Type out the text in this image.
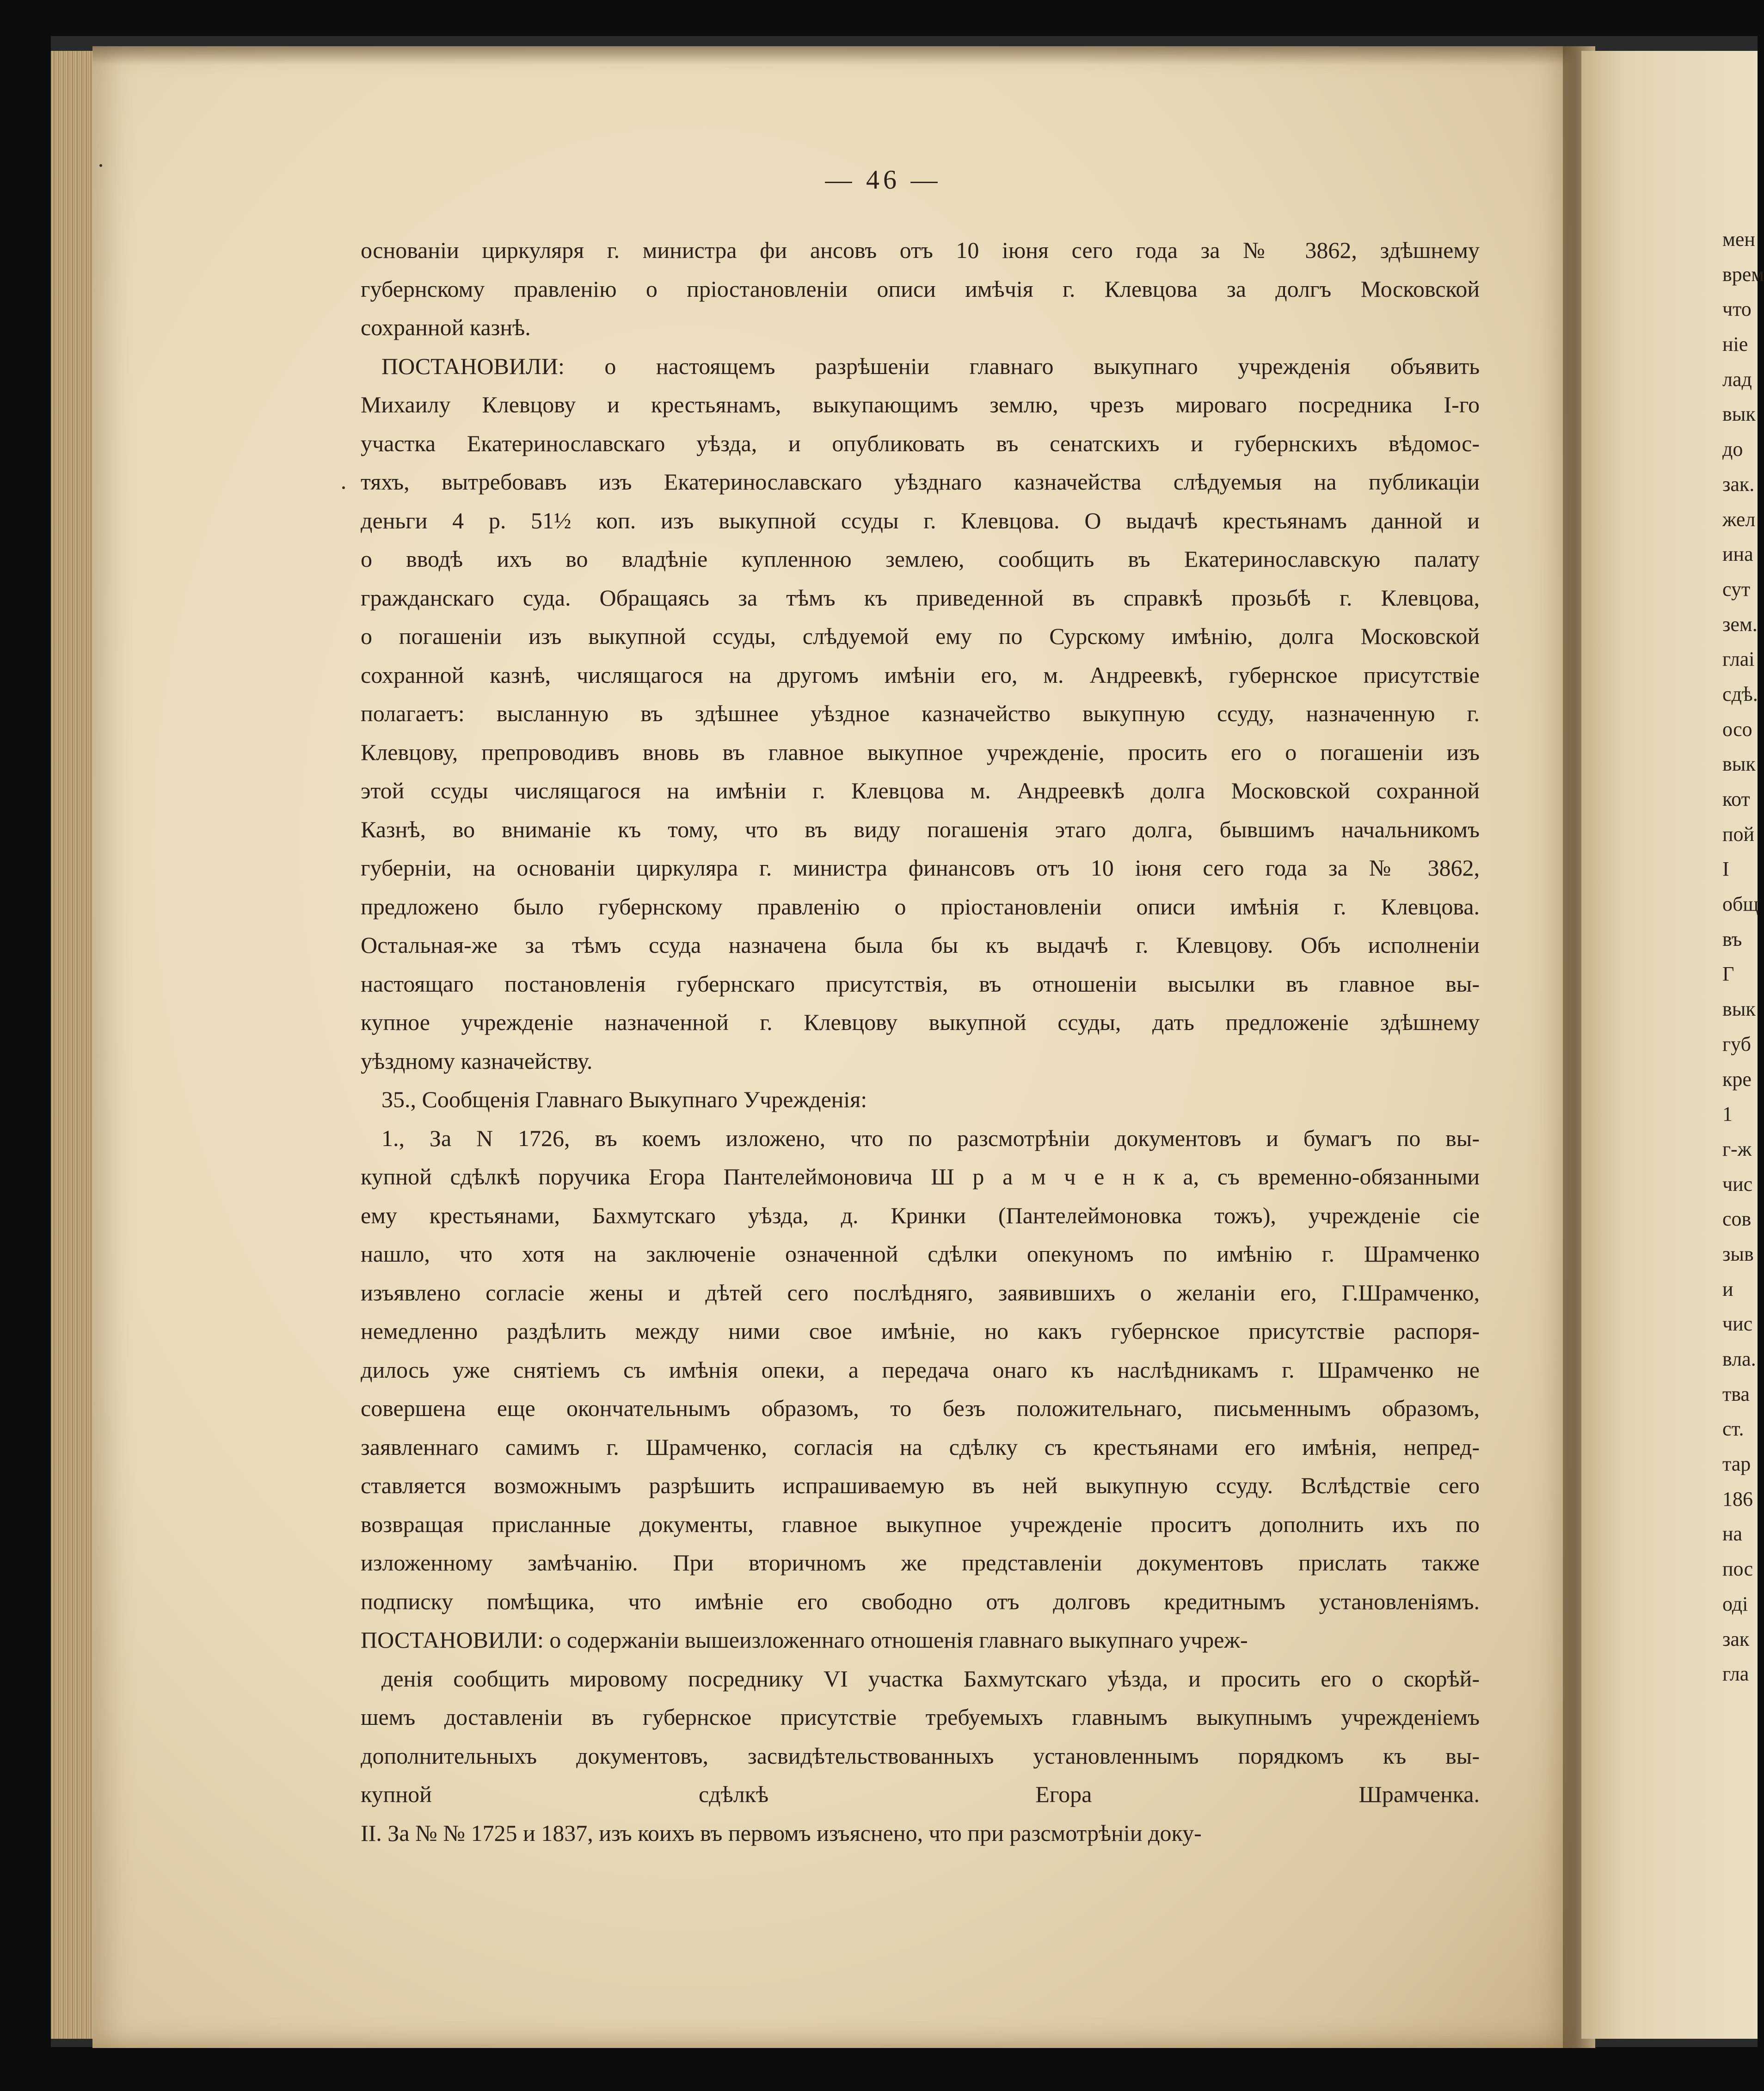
— 46 —
основаніи циркуляря г. министра фи ансовъ отъ 10 іюня сего года за № 3862, здѣшнему
губернскому правленію о пріостановленіи описи имѣчія г. Клевцова за долгъ Московской
сохранной казнѣ.
ПОСТАНОВИЛИ: о настоящемъ разрѣшеніи главнаго выкупнаго учрежденія объявить
Михаилу Клевцову и крестьянамъ, выкупающимъ землю, чрезъ мироваго посредника І-го
участка Екатеринославскаго уѣзда, и опубликовать въ сенатскихъ и губернскихъ вѣдомос-
тяхъ, вытребовавъ изъ Екатеринославскаго уѣзднаго казначейства слѣдуемыя на публикаціи
деньги 4 р. 51½ коп. изъ выкупной ссуды г. Клевцова. О выдачѣ крестьянамъ данной и
о вводѣ ихъ во владѣніе купленною землею, сообщить въ Екатеринославскую палату
гражданскаго суда. Обращаясь за тѣмъ къ приведенной въ справкѣ прозьбѣ г. Клевцова,
о погашеніи изъ выкупной ссуды, слѣдуемой ему по Сурскому имѣнію, долга Московской
сохранной казнѣ, числящагося на другомъ имѣніи его, м. Андреевкѣ, губернское присутствіе
полагаетъ: высланную въ здѣшнее уѣздное казначейство выкупную ссуду, назначенную г.
Клевцову, препроводивъ вновь въ главное выкупное учрежденіе, просить его о погашеніи изъ
этой ссуды числящагося на имѣніи г. Клевцова м. Андреевкѣ долга Московской сохранной
Казнѣ, во вниманіе къ тому, что въ виду погашенія этаго долга, бывшимъ начальникомъ
губерніи, на основаніи циркуляра г. министра финансовъ отъ 10 іюня сего года за № 3862,
предложено было губернскому правленію о пріостановленіи описи имѣнія г. Клевцова.
Остальная-же за тѣмъ ссуда назначена была бы къ выдачѣ г. Клевцову. Объ исполненіи
настоящаго постановленія губернскаго присутствія, въ отношеніи высылки въ главное вы-
купное учрежденіе назначенной г. Клевцову выкупной ссуды, дать предложеніе здѣшнему
уѣздному казначейству.
35., Сообщенія Главнаго Выкупнаго Учрежденія:
1., За N 1726, въ коемъ изложено, что по разсмотрѣніи документовъ и бумагъ по вы-
купной сдѣлкѣ поручика Егора Пантелеймоновича Ш р а м ч е н к а, съ временно-обязанными
ему крестьянами, Бахмутскаго уѣзда, д. Кринки (Пантелеймоновка тожъ), учрежденіе сіе
нашло, что хотя на заключеніе означенной сдѣлки опекуномъ по имѣнію г. Шрамченко
изъявлено согласіе жены и дѣтей сего послѣдняго, заявившихъ о желаніи его, Г.Шрамченко,
немедленно раздѣлить между ними свое имѣніе, но какъ губернское присутствіе распоря-
дилось уже снятіемъ съ имѣнія опеки, а передача онаго къ наслѣдникамъ г. Шрамченко не
совершена еще окончательнымъ образомъ, то безъ положительнаго, письменнымъ образомъ,
заявленнаго самимъ г. Шрамченко, согласія на сдѣлку съ крестьянами его имѣнія, непред-
ставляется возможнымъ разрѣшить испрашиваемую въ ней выкупную ссуду. Вслѣдствіе сего
возвращая присланные документы, главное выкупное учрежденіе проситъ дополнить ихъ по
изложенному замѣчанію. При вторичномъ же представленіи документовъ прислать также
подписку помѣщика, что имѣніе его свободно отъ долговъ кредитнымъ установленіямъ.
ПОСТАНОВИЛИ: о содержаніи вышеизложеннаго отношенія главнаго выкупнаго учреж-
денія сообщить мировому посреднику VІ участка Бахмутскаго уѣзда, и просить его о скорѣй-
шемъ доставленіи въ губернское присутствіе требуемыхъ главнымъ выкупнымъ учрежденіемъ
дополнительныхъ документовъ, засвидѣтельствованныхъ установленнымъ порядкомъ къ вы-
купной сдѣлкѣ Егора Шрамченка.
ІІ. За № № 1725 и 1837, изъ коихъ въ первомъ изъяснено, что при разсмотрѣніи доку-
мен
врем
что
ніе
лад
вык
до
зак.
жел
ина
сут
зем.
глаі
сдѣ.
осо
вык
кот
пой
І
общ
въ
Г
вык
губ
кре
1
г-ж
чис
сов
зыв
и
чис
вла.
тва
ст.
тар
186
на
пос
оді
зак
гла
